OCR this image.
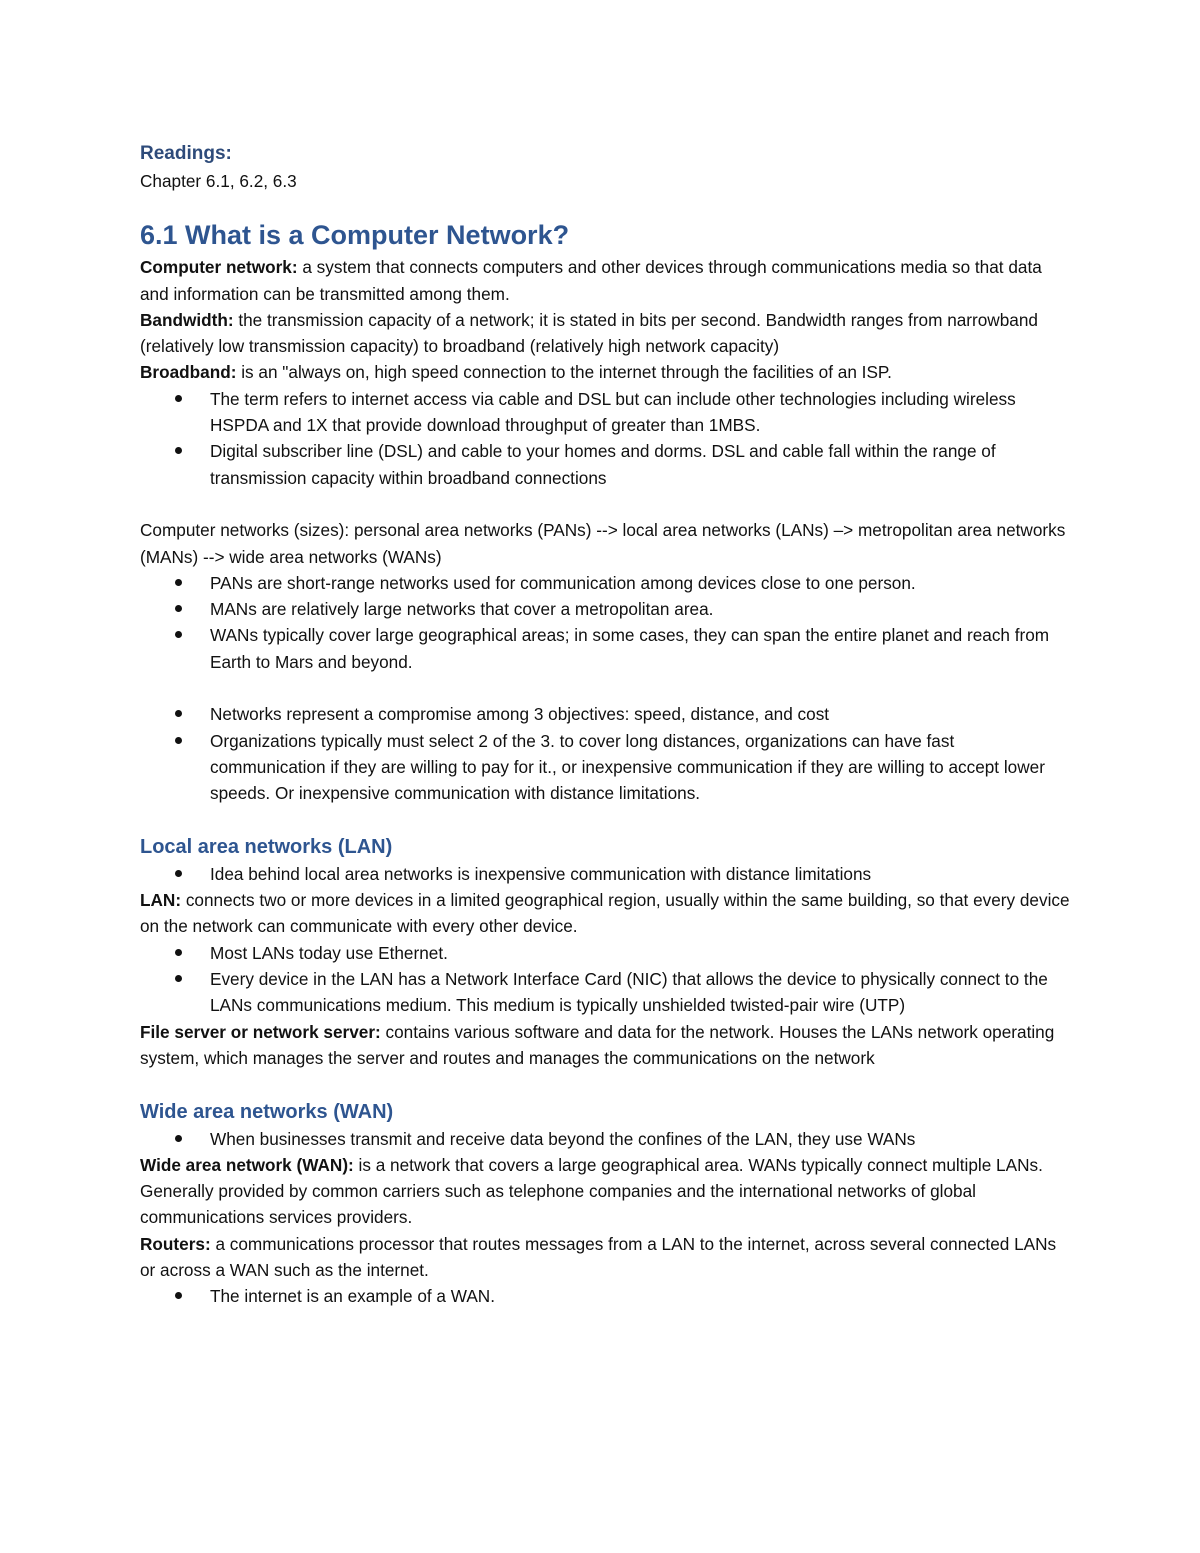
Readings:

Chapter 6.1, 6.2, 6.3

6.1 What is a Computer Network?

Computer network: a system that connects computers and other devices through communications media so that data and information can be transmitted among them.

Bandwidth: the transmission capacity of a network; it is stated in bits per second. Bandwidth ranges from narrowband (relatively low transmission capacity) to broadband (relatively high network capacity)

Broadband: is an "always on, high speed connection to the internet through the facilities of an ISP.

The term refers to internet access via cable and DSL but can include other technologies including wireless HSPDA and 1X that provide download throughput of greater than 1MBS.
Digital subscriber line (DSL) and cable to your homes and dorms. DSL and cable fall within the range of transmission capacity within broadband connections

Computer networks (sizes): personal area networks (PANs) --> local area networks (LANs) –> metropolitan area networks (MANs) --> wide area networks (WANs)

PANs are short-range networks used for communication among devices close to one person.
MANs are relatively large networks that cover a metropolitan area.
WANs typically cover large geographical areas; in some cases, they can span the entire planet and reach from Earth to Mars and beyond.
Networks represent a compromise among 3 objectives: speed, distance, and cost
Organizations typically must select 2 of the 3. to cover long distances, organizations can have fast communication if they are willing to pay for it., or inexpensive communication if they are willing to accept lower speeds. Or inexpensive communication with distance limitations.

Local area networks (LAN)

Idea behind local area networks is inexpensive communication with distance limitations

LAN: connects two or more devices in a limited geographical region, usually within the same building, so that every device on the network can communicate with every other device.

Most LANs today use Ethernet.
Every device in the LAN has a Network Interface Card (NIC) that allows the device to physically connect to the LANs communications medium. This medium is typically unshielded twisted-pair wire (UTP)

File server or network server: contains various software and data for the network. Houses the LANs network operating system, which manages the server and routes and manages the communications on the network

Wide area networks (WAN)

When businesses transmit and receive data beyond the confines of the LAN, they use WANs

Wide area network (WAN): is a network that covers a large geographical area. WANs typically connect multiple LANs. Generally provided by common carriers such as telephone companies and the international networks of global communications services providers.

Routers: a communications processor that routes messages from a LAN to the internet, across several connected LANs or across a WAN such as the internet.

The internet is an example of a WAN.
